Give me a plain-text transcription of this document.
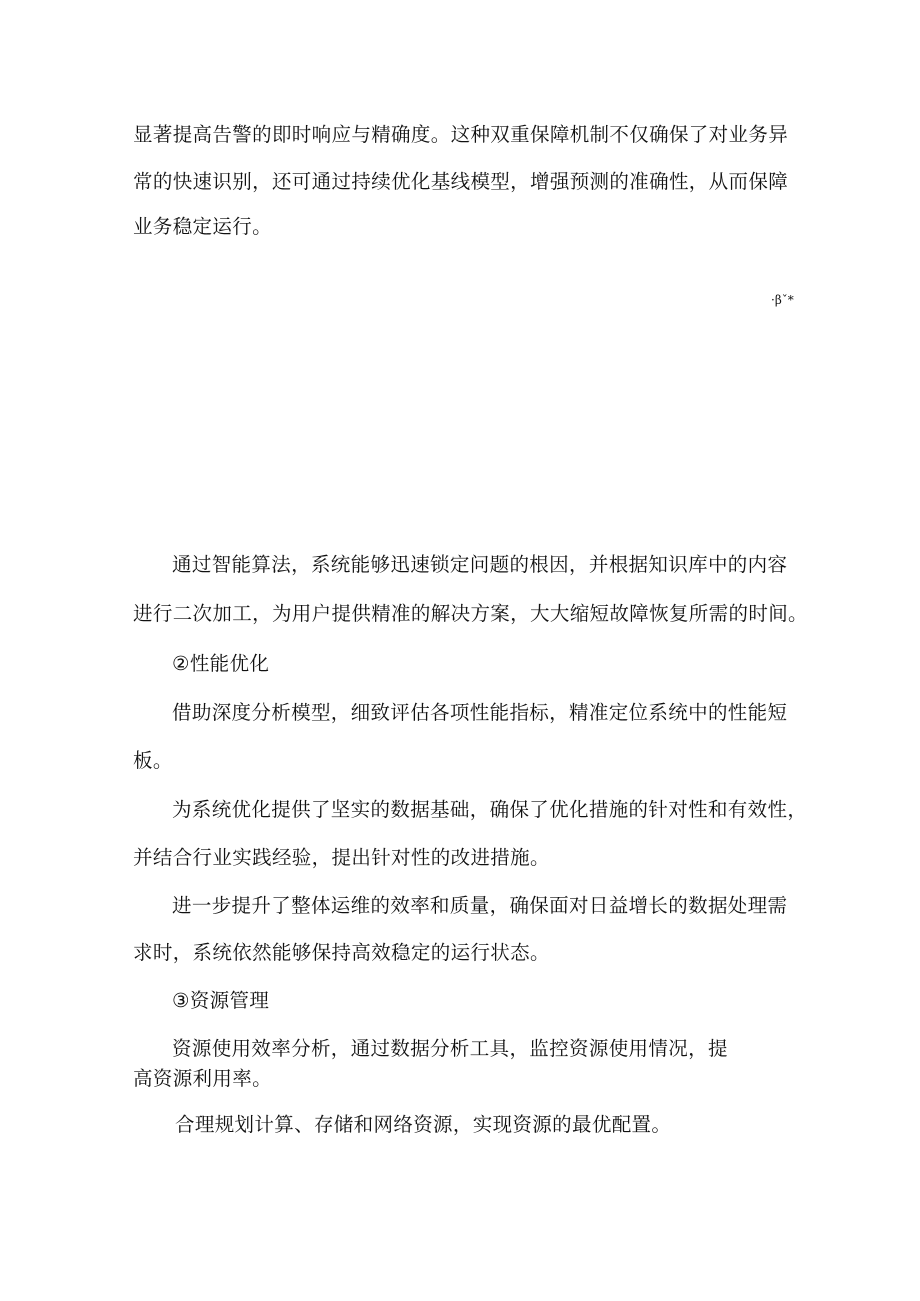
显著提高告警的即时响应与精确度。这种双重保障机制不仅确保了对业务异
常的快速识别，还可通过持续优化基线模型，增强预测的准确性，从而保障
业务稳定运行。
·βˇ*
通过智能算法，系统能够迅速锁定问题的根因，并根据知识库中的内容
进行二次加工，为用户提供精准的解决方案，大大缩短故障恢复所需的时间。
②性能优化
借助深度分析模型，细致评估各项性能指标，精准定位系统中的性能短
板。
为系统优化提供了坚实的数据基础，确保了优化措施的针对性和有效性，
并结合行业实践经验，提出针对性的改进措施。
进一步提升了整体运维的效率和质量，确保面对日益增长的数据处理需
求时，系统依然能够保持高效稳定的运行状态。
③资源管理
资源使用效率分析，通过数据分析工具，监控资源使用情况，提
高资源利用率。
合理规划计算、存储和网络资源，实现资源的最优配置。
